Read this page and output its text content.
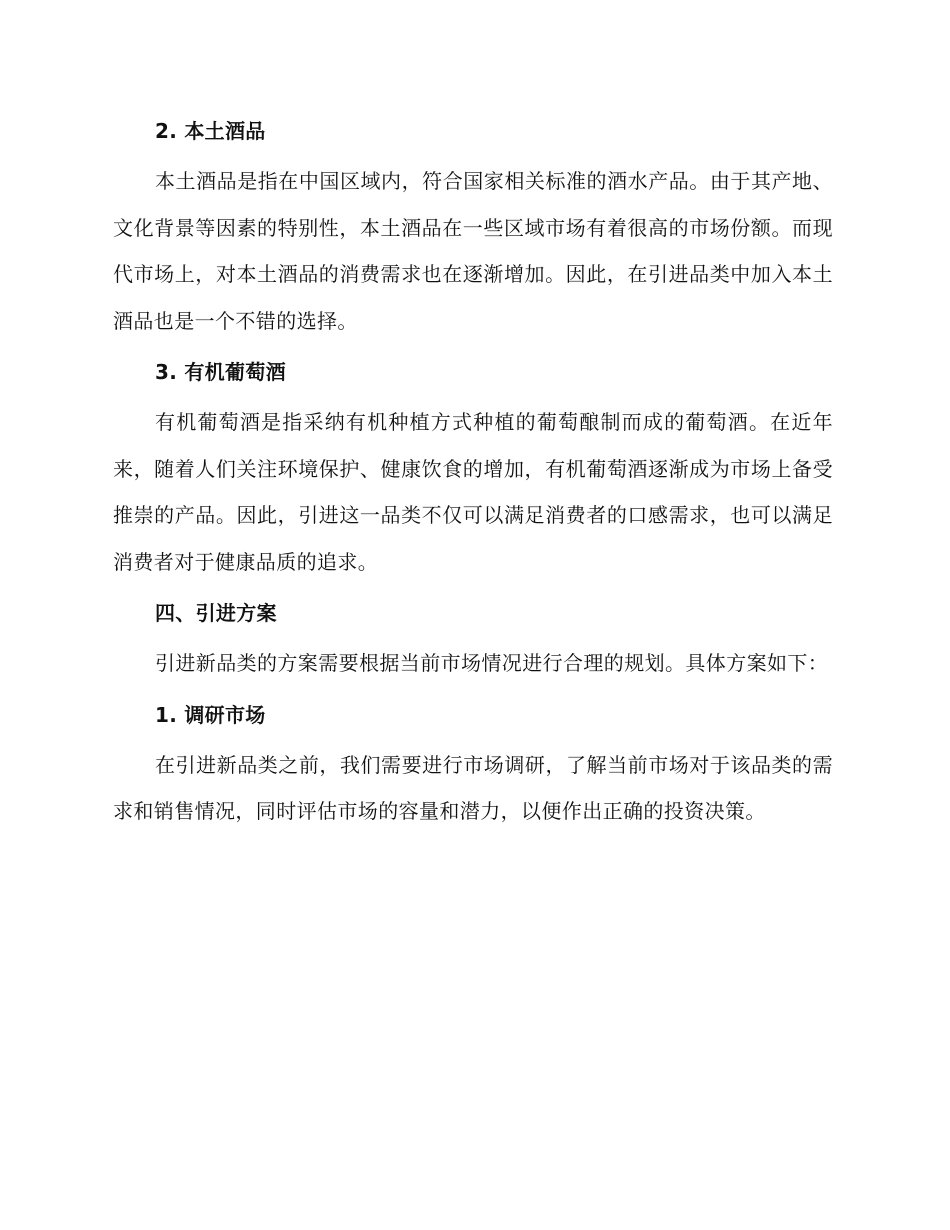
2. 本土酒品

本土酒品是指在中国区域内，符合国家相关标准的酒水产品。由于其产地、文化背景等因素的特别性，本土酒品在一些区域市场有着很高的市场份额。而现代市场上，对本土酒品的消费需求也在逐渐增加。因此，在引进品类中加入本土酒品也是一个不错的选择。

3. 有机葡萄酒

有机葡萄酒是指采纳有机种植方式种植的葡萄酿制而成的葡萄酒。在近年来，随着人们关注环境保护、健康饮食的增加，有机葡萄酒逐渐成为市场上备受推崇的产品。因此，引进这一品类不仅可以满足消费者的口感需求，也可以满足消费者对于健康品质的追求。

四、引进方案

引进新品类的方案需要根据当前市场情况进行合理的规划。具体方案如下：

1. 调研市场

在引进新品类之前，我们需要进行市场调研，了解当前市场对于该品类的需求和销售情况，同时评估市场的容量和潜力，以便作出正确的投资决策。
